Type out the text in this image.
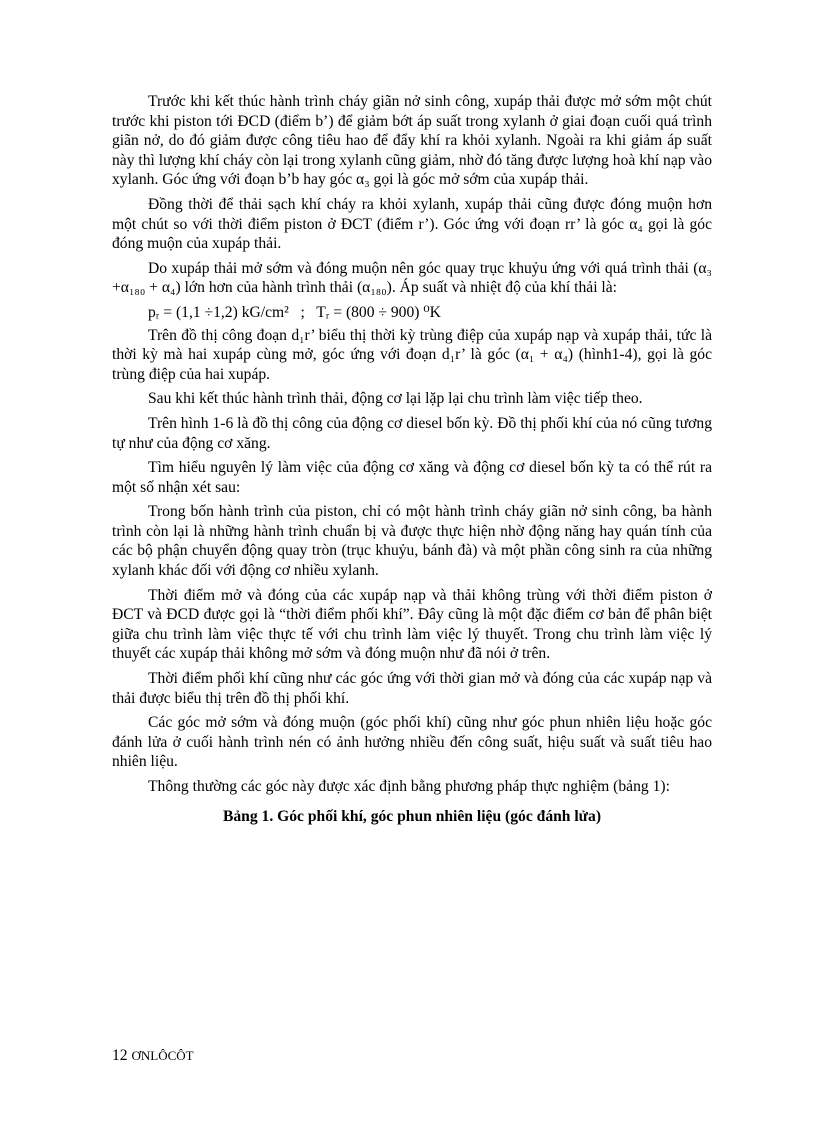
Trước khi kết thúc hành trình cháy giãn nở sinh công, xupáp thải được mở sớm một chút trước khi piston tới ĐCD (điểm b’) để giảm bớt áp suất trong xylanh ở giai đoạn cuối quá trình giãn nở, do đó giảm được công tiêu hao để đẩy khí ra khỏi xylanh. Ngoài ra khi giảm áp suất này thì lượng khí cháy còn lại trong xylanh cũng giảm, nhờ đó tăng được lượng hoà khí nạp vào xylanh. Góc ứng với đoạn b’b hay góc α₃ gọi là góc mở sớm của xupáp thải.

Đồng thời để thải sạch khí cháy ra khỏi xylanh, xupáp thải cũng được đóng muộn hơn một chút so với thời điểm piston ở ĐCT (điểm r’). Góc ứng với đoạn rr’ là góc α₄ gọi là góc đóng muộn của xupáp thải.

Do xupáp thải mở sớm và đóng muộn nên góc quay trục khuỷu ứng với quá trình thải (α₃ +α₁₈₀ + α₄) lớn hơn của hành trình thải (α₁₈₀). Áp suất và nhiệt độ của khí thải là:

pᵣ = (1,1 ÷1,2) kG/cm²   ;   Tᵣ = (800 ÷ 900) ⁰K

Trên đồ thị công đoạn d₁r’ biểu thị thời kỳ trùng điệp của xupáp nạp và xupáp thải, tức là thời kỳ mà hai xupáp cùng mở, góc ứng với đoạn d₁r’ là góc (α₁ + α₄) (hình1-4), gọi là góc trùng điệp của hai xupáp.

Sau khi kết thúc hành trình thải, động cơ lại lặp lại chu trình làm việc tiếp theo.

Trên hình 1-6 là đồ thị công của động cơ diesel bốn kỳ. Đồ thị phối khí của nó cũng tương tự như của động cơ xăng.

Tìm hiểu nguyên lý làm việc của động cơ xăng và động cơ diesel bốn kỳ ta có thể rút ra một số nhận xét sau:

Trong bốn hành trình của piston, chỉ có một hành trình cháy giãn nở sinh công, ba hành trình còn lại là những hành trình chuẩn bị và được thực hiện nhờ động năng hay quán tính của các bộ phận chuyển động quay tròn (trục khuỷu, bánh đà) và một phần công sinh ra của những xylanh khác đối với động cơ nhiều xylanh.

Thời điểm mở và đóng của các xupáp nạp và thải không trùng với thời điểm piston ở ĐCT và ĐCD được gọi là “thời điểm phối khí”. Đây cũng là một đặc điểm cơ bản để phân biệt giữa chu trình làm việc thực tế với chu trình làm việc lý thuyết. Trong chu trình làm việc lý thuyết các xupáp thải không mở sớm và đóng muộn như đã nói ở trên.

Thời điểm phối khí cũng như các góc ứng với thời gian mở và đóng của các xupáp nạp và thải được biểu thị trên đồ thị phối khí.

Các góc mở sớm và đóng muộn (góc phối khí) cũng như góc phun nhiên liệu hoặc góc đánh lửa ở cuối hành trình nén có ảnh hưởng nhiều đến công suất, hiệu suất và suất tiêu hao nhiên liệu.

Thông thường các góc này được xác định bằng phương pháp thực nghiệm (bảng 1):

Bảng 1. Góc phối khí, góc phun nhiên liệu (góc đánh lửa)

12 ƠNLÔCÔT
